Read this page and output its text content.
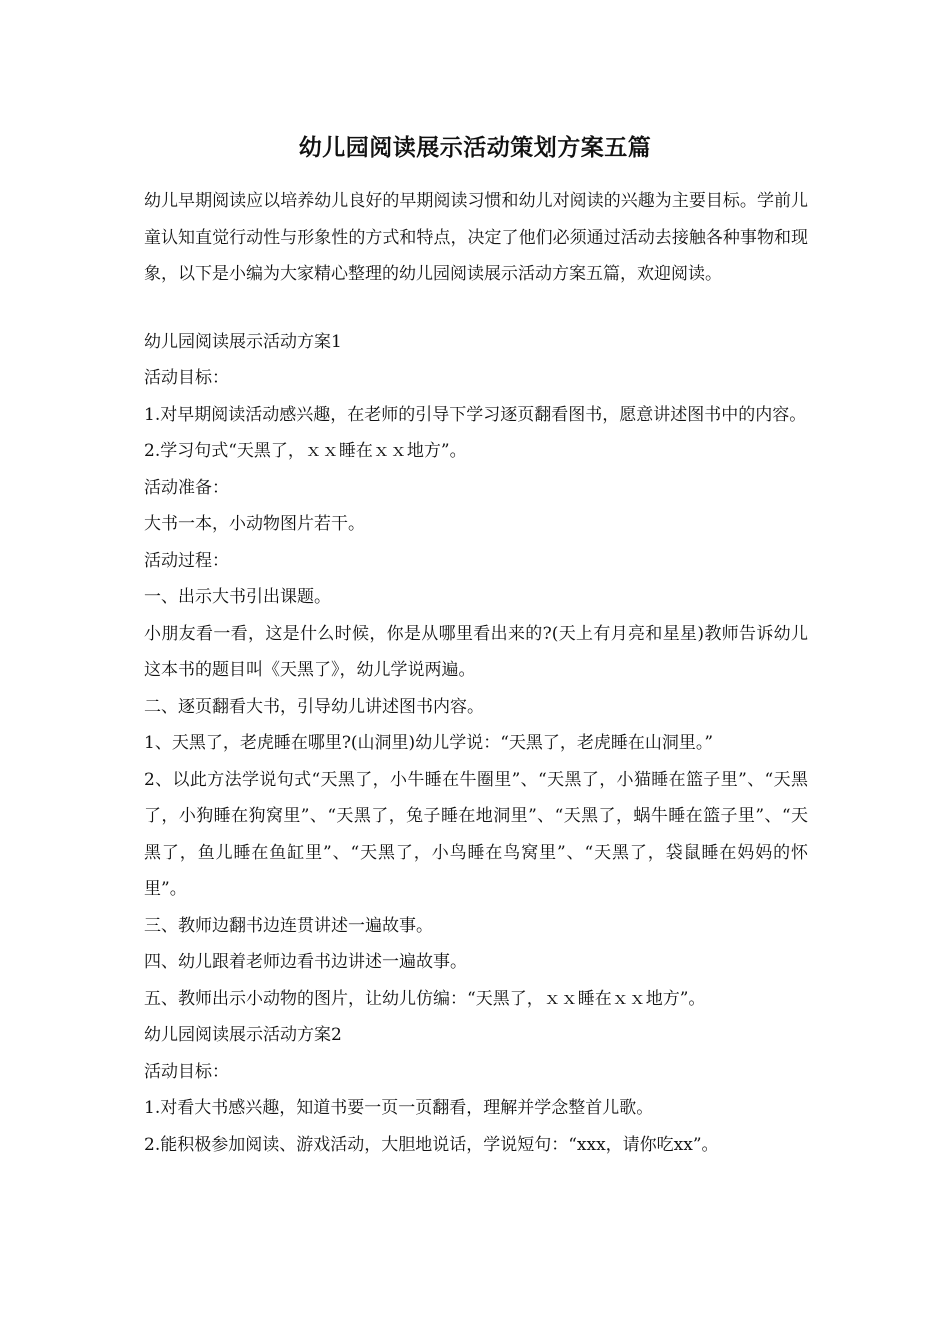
幼儿园阅读展示活动策划方案五篇

幼儿早期阅读应以培养幼儿良好的早期阅读习惯和幼儿对阅读的兴趣为主要目标。学前儿童认知直觉行动性与形象性的方式和特点，决定了他们必须通过活动去接触各种事物和现象，以下是小编为大家精心整理的幼儿园阅读展示活动方案五篇，欢迎阅读。

幼儿园阅读展示活动方案1

活动目标：

1.对早期阅读活动感兴趣，在老师的引导下学习逐页翻看图书，愿意讲述图书中的内容。

2.学习句式“天黑了，ｘｘ睡在ｘｘ地方”。

活动准备：

大书一本，小动物图片若干。

活动过程：

一、出示大书引出课题。

小朋友看一看，这是什么时候，你是从哪里看出来的?(天上有月亮和星星)教师告诉幼儿这本书的题目叫《天黑了》，幼儿学说两遍。

二、逐页翻看大书，引导幼儿讲述图书内容。

1、天黑了，老虎睡在哪里?(山洞里)幼儿学说：“天黑了，老虎睡在山洞里。”

2、以此方法学说句式“天黑了，小牛睡在牛圈里”、“天黑了，小猫睡在篮子里”、“天黑了，小狗睡在狗窝里”、“天黑了，兔子睡在地洞里”、“天黑了，蜗牛睡在篮子里”、“天黑了，鱼儿睡在鱼缸里”、“天黑了，小鸟睡在鸟窝里”、“天黑了，袋鼠睡在妈妈的怀里”。

三、教师边翻书边连贯讲述一遍故事。

四、幼儿跟着老师边看书边讲述一遍故事。

五、教师出示小动物的图片，让幼儿仿编：“天黑了，ｘｘ睡在ｘｘ地方”。

幼儿园阅读展示活动方案2

活动目标：

1.对看大书感兴趣，知道书要一页一页翻看，理解并学念整首儿歌。

2.能积极参加阅读、游戏活动，大胆地说话，学说短句：“xxx，请你吃xx”。
